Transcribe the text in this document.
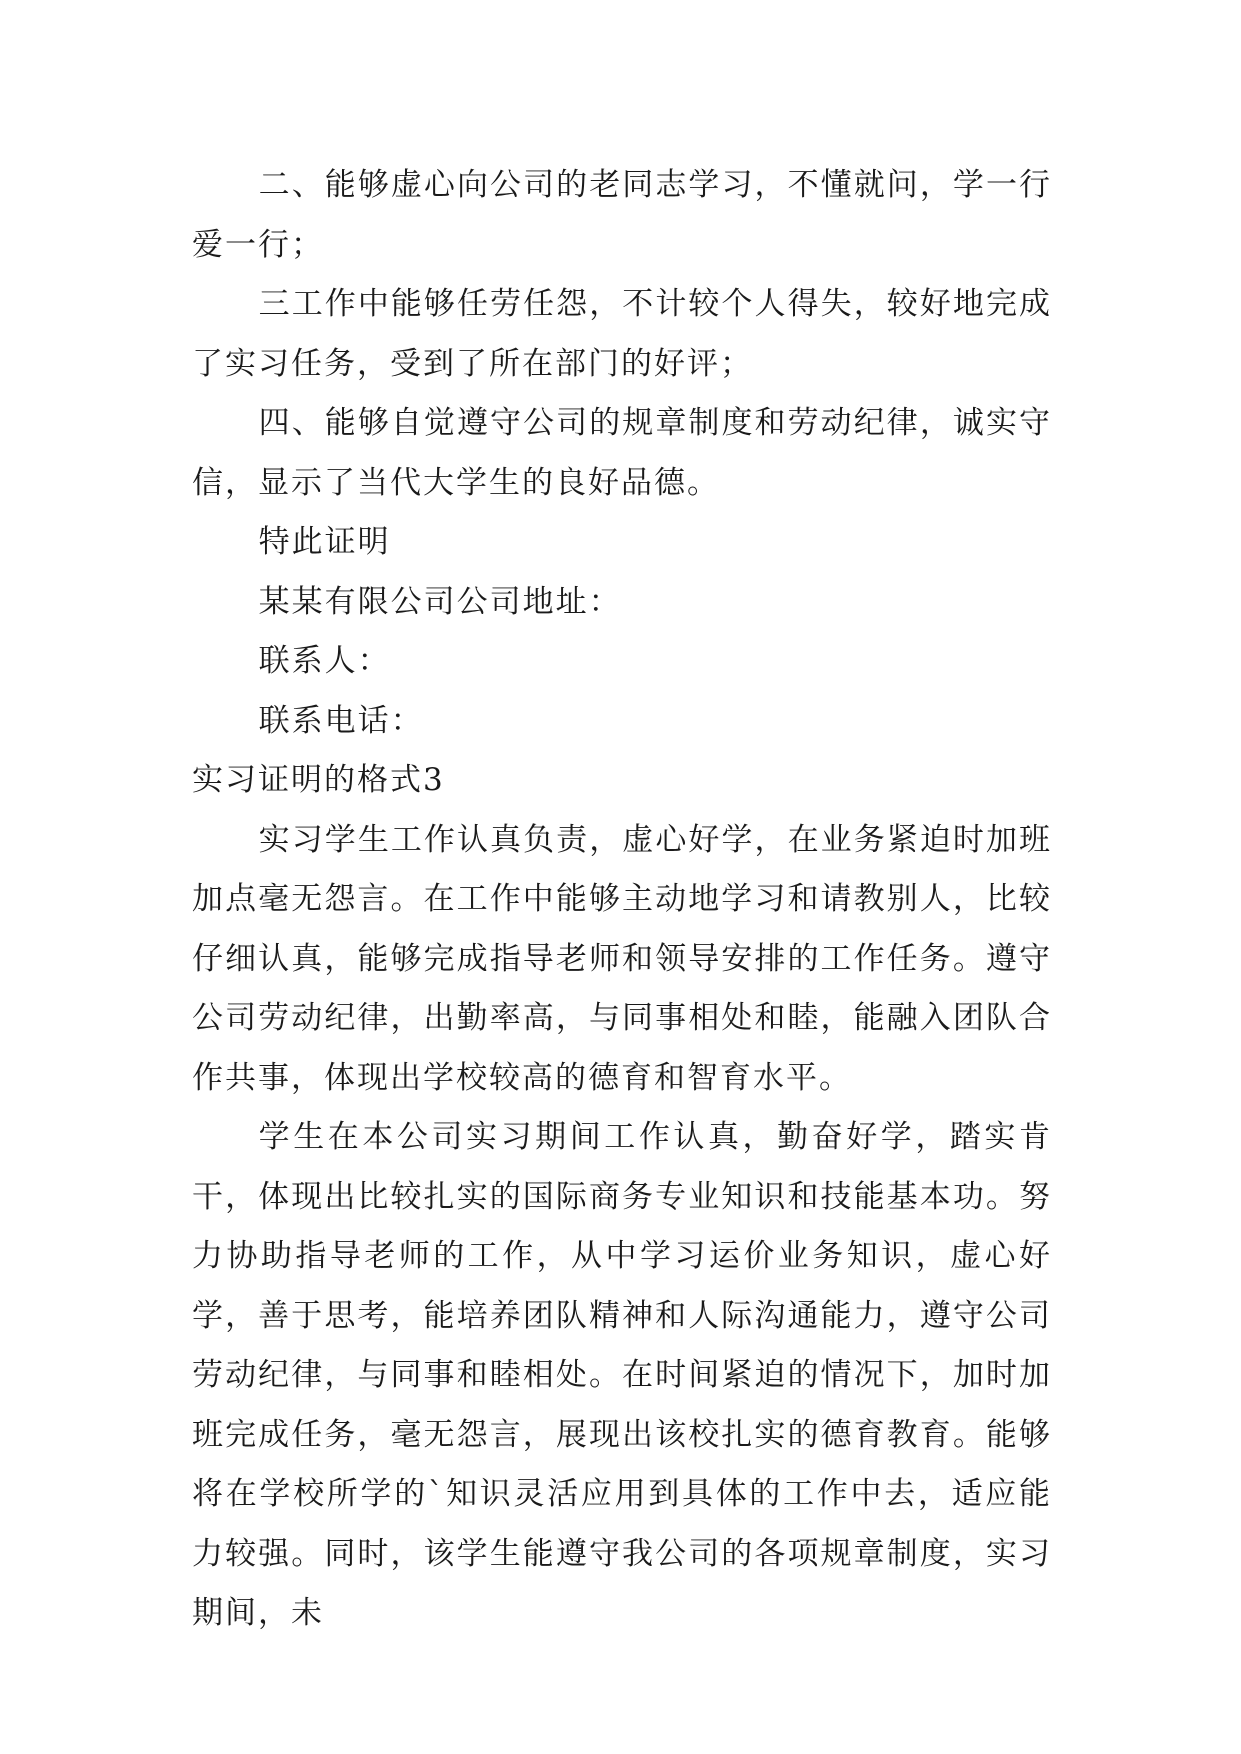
二、能够虚心向公司的老同志学习，不懂就问，学一行爱一行；

三工作中能够任劳任怨，不计较个人得失，较好地完成了实习任务，受到了所在部门的好评；

四、能够自觉遵守公司的规章制度和劳动纪律，诚实守信，显示了当代大学生的良好品德。

特此证明

某某有限公司公司地址：

联系人：

联系电话：

实习证明的格式3

实习学生工作认真负责，虚心好学，在业务紧迫时加班加点毫无怨言。在工作中能够主动地学习和请教别人，比较仔细认真，能够完成指导老师和领导安排的工作任务。遵守公司劳动纪律，出勤率高，与同事相处和睦，能融入团队合作共事，体现出学校较高的德育和智育水平。

学生在本公司实习期间工作认真，勤奋好学，踏实肯干，体现出比较扎实的国际商务专业知识和技能基本功。努力协助指导老师的工作，从中学习运价业务知识，虚心好学，善于思考，能培养团队精神和人际沟通能力，遵守公司劳动纪律，与同事和睦相处。在时间紧迫的情况下，加时加班完成任务，毫无怨言，展现出该校扎实的德育教育。能够将在学校所学的`知识灵活应用到具体的工作中去，适应能力较强。同时，该学生能遵守我公司的各项规章制度，实习期间，未
